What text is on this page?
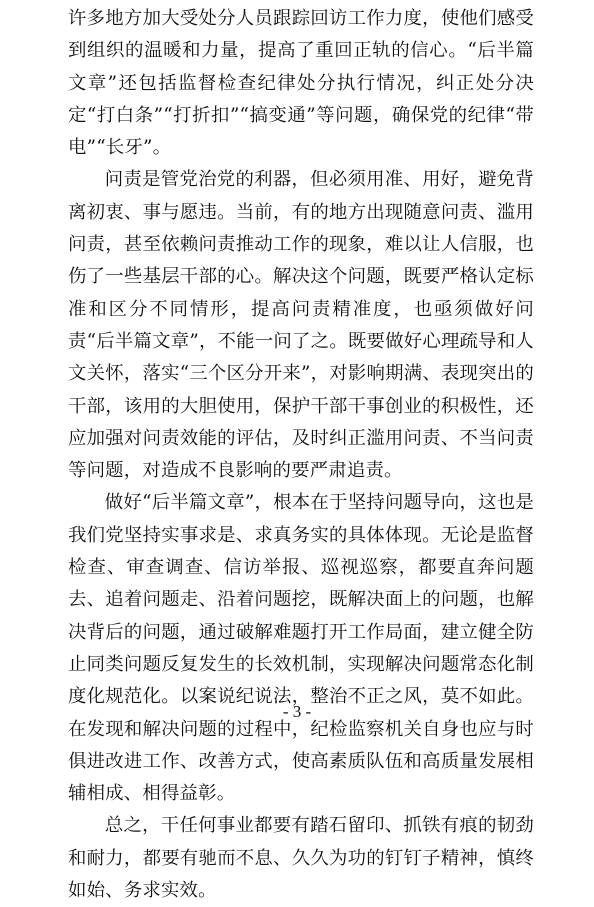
许多地方加大受处分人员跟踪回访工作力度，使他们感受到组织的温暖和力量，提高了重回正轨的信心。“后半篇文章”还包括监督检查纪律处分执行情况，纠正处分决定“打白条”“打折扣”“搞变通”等问题，确保党的纪律“带电”“长牙”。

问责是管党治党的利器，但必须用准、用好，避免背离初衷、事与愿违。当前，有的地方出现随意问责、滥用问责，甚至依赖问责推动工作的现象，难以让人信服，也伤了一些基层干部的心。解决这个问题，既要严格认定标准和区分不同情形，提高问责精准度，也亟须做好问责“后半篇文章”，不能一问了之。既要做好心理疏导和人文关怀，落实“三个区分开来”，对影响期满、表现突出的干部，该用的大胆使用，保护干部干事创业的积极性，还应加强对问责效能的评估，及时纠正滥用问责、不当问责等问题，对造成不良影响的要严肃追责。

做好“后半篇文章”，根本在于坚持问题导向，这也是我们党坚持实事求是、求真务实的具体体现。无论是监督检查、审查调查、信访举报、巡视巡察，都要直奔问题去、追着问题走、沿着问题挖，既解决面上的问题，也解决背后的问题，通过破解难题打开工作局面，建立健全防止同类问题反复发生的长效机制，实现解决问题常态化制度化规范化。以案说纪说法，整治不正之风，莫不如此。在发现和解决问题的过程中，纪检监察机关自身也应与时俱进改进工作、改善方式，使高素质队伍和高质量发展相辅相成、相得益彰。

总之，干任何事业都要有踏石留印、抓铁有痕的韧劲和耐力，都要有驰而不息、久久为功的钉钉子精神，慎终如始、务求实效。

- 3 -
